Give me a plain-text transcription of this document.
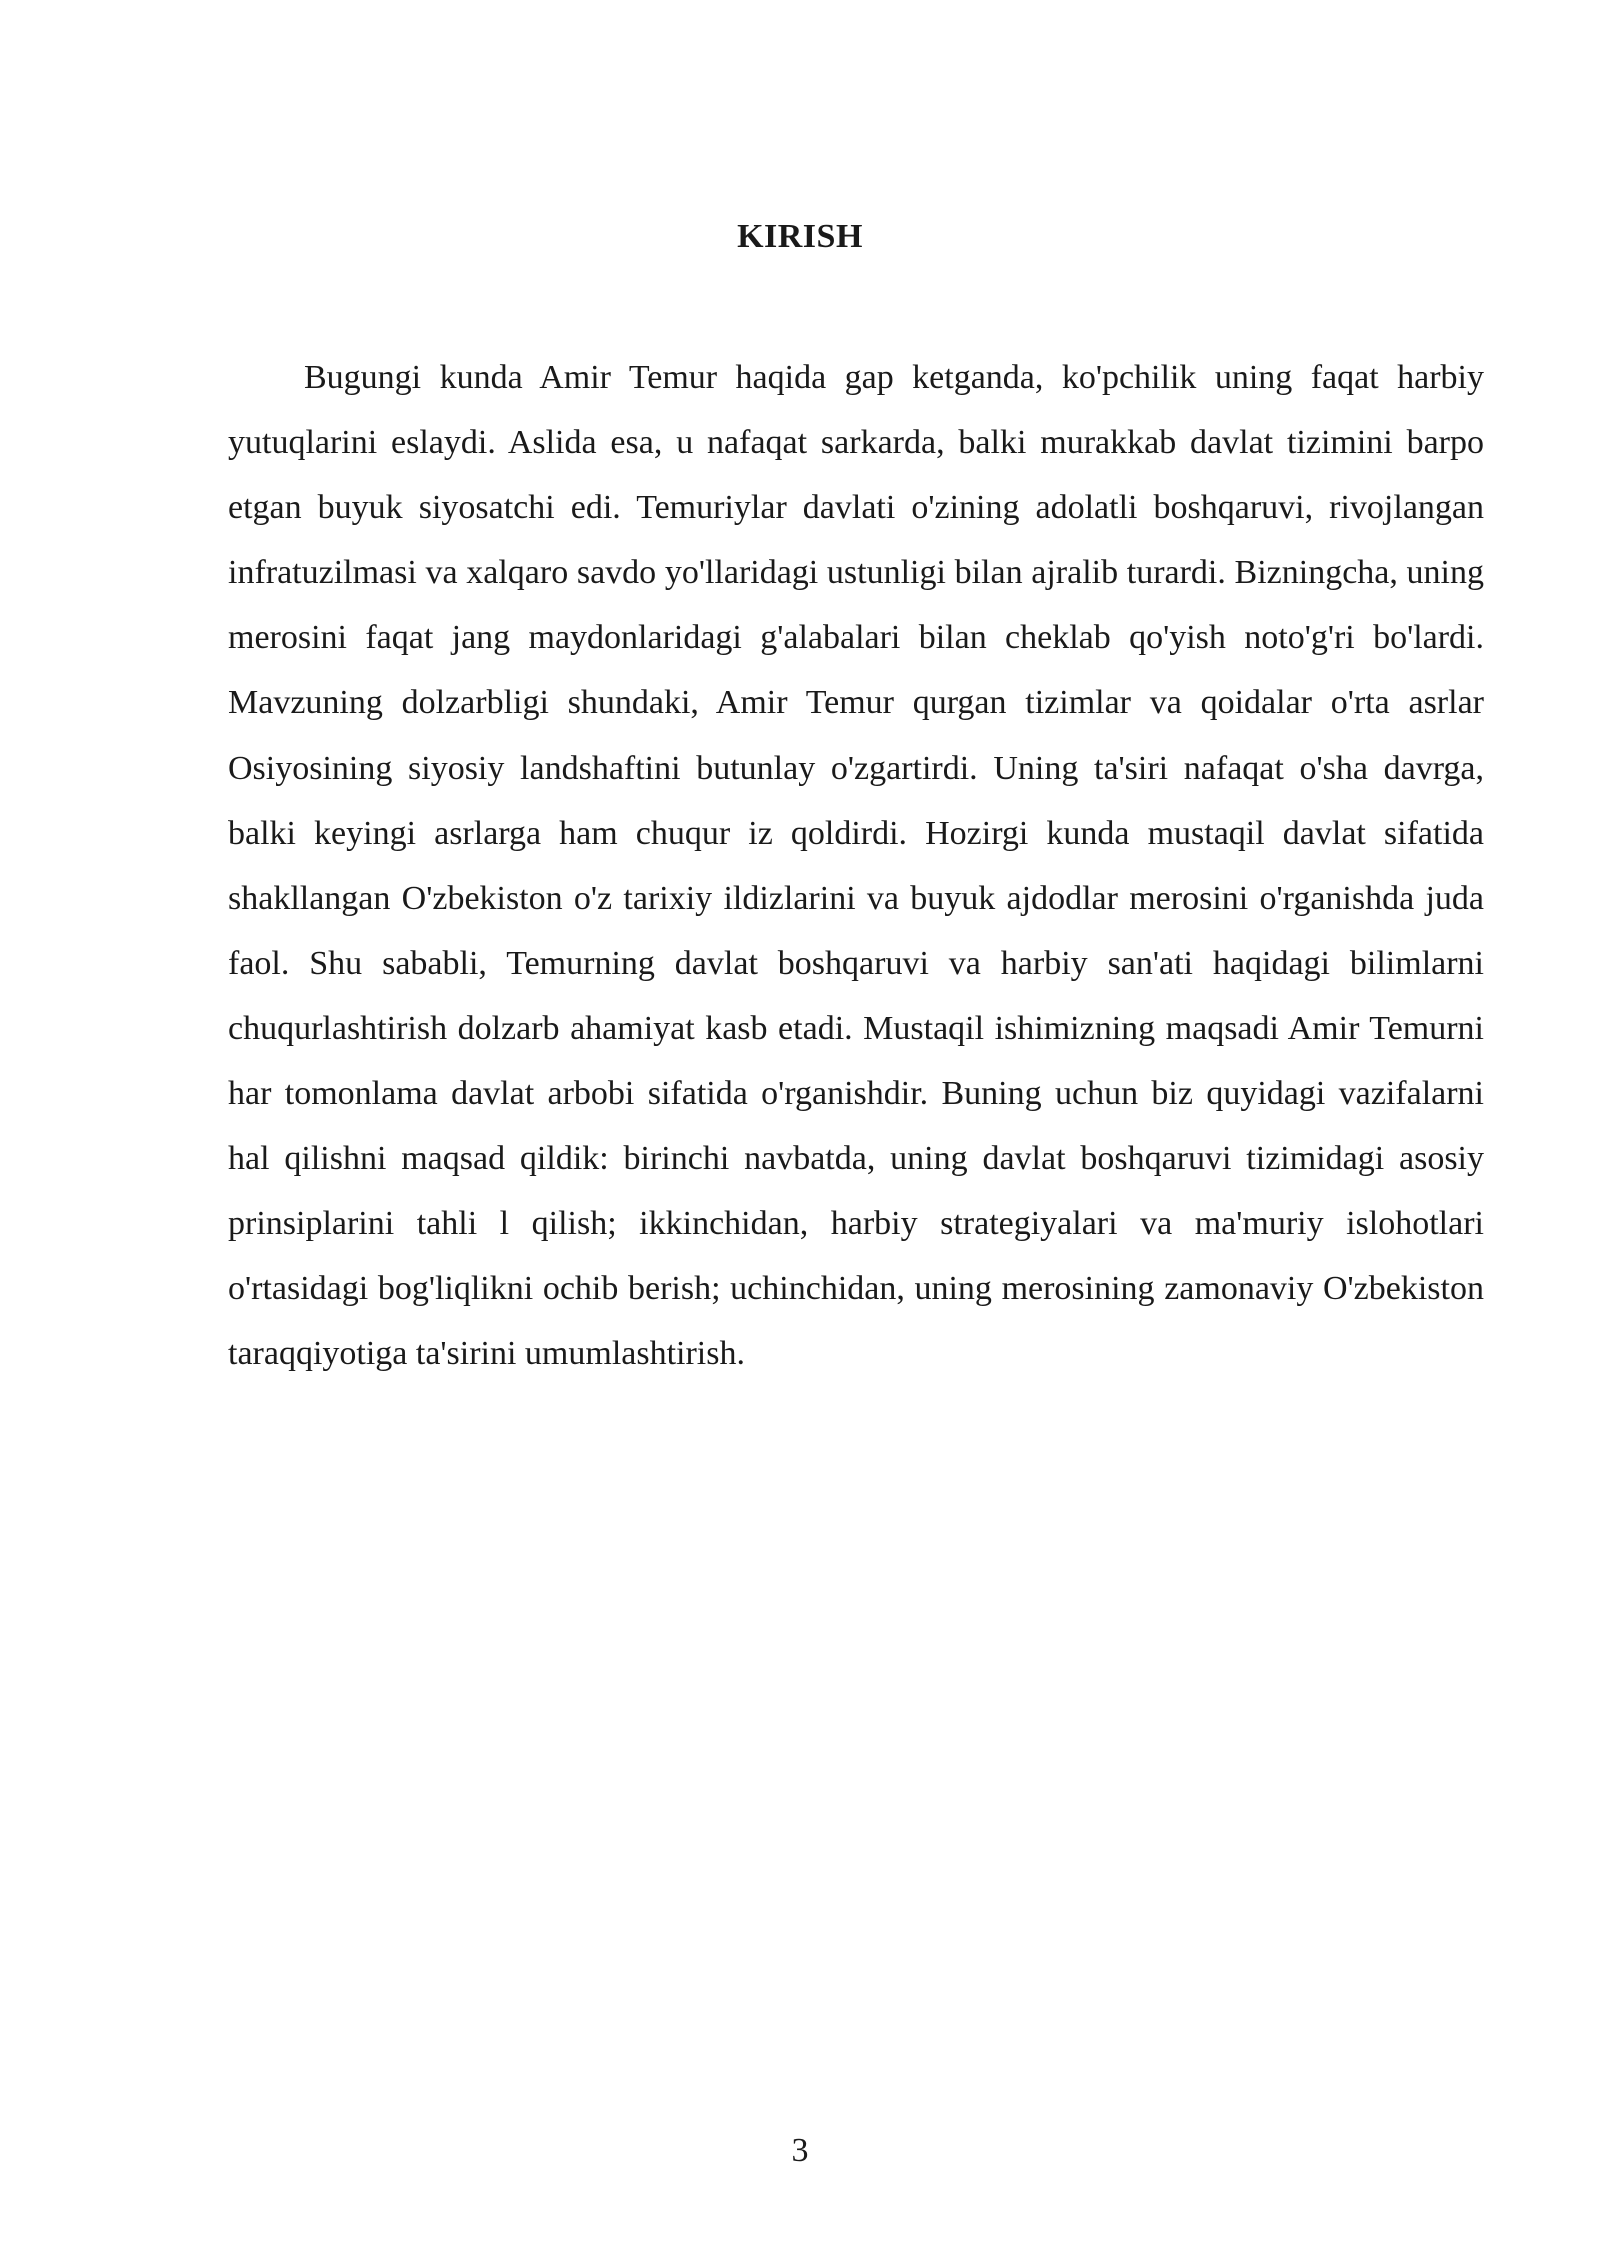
KIRISH

Bugungi kunda Amir Temur haqida gap ketganda, ko'pchilik uning faqat harbiy yutuqlarini eslaydi. Aslida esa, u nafaqat sarkarda, balki murakkab davlat tizimini barpo etgan buyuk siyosatchi edi. Temuriylar davlati o'zining adolatli boshqaruvi, rivojlangan infratuzilmasi va xalqaro savdo yo'llaridagi ustunligi bilan ajralib turardi. Bizningcha, uning merosini faqat jang maydonlaridagi g'alabalari bilan cheklab qo'yish noto'g'ri bo'lardi. Mavzuning dolzarbligi shundaki, Amir Temur qurgan tizimlar va qoidalar o'rta asrlar Osiyosining siyosiy landshaftini butunlay o'zgartirdi. Uning ta'siri nafaqat o'sha davrga, balki keyingi asrlarga ham chuqur iz qoldirdi. Hozirgi kunda mustaqil davlat sifatida shakllangan O'zbekiston o'z tarixiy ildizlarini va buyuk ajdodlar merosini o'rganishda juda faol. Shu sababli, Temurning davlat boshqaruvi va harbiy san'ati haqidagi bilimlarni chuqurlashtirish dolzarb ahamiyat kasb etadi. Mustaqil ishimizning maqsadi Amir Temurni har tomonlama davlat arbobi sifatida o'rganishdir. Buning uchun biz quyidagi vazifalarni hal qilishni maqsad qildik: birinchi navbatda, uning davlat boshqaruvi tizimidagi asosiy prinsiplarini tahli l qilish; ikkinchidan, harbiy strategiyalari va ma'muriy islohotlari o'rtasidagi bog'liqlikni ochib berish; uchinchidan, uning merosining zamonaviy O'zbekiston taraqqiyotiga ta'sirini umumlashtirish.

3
